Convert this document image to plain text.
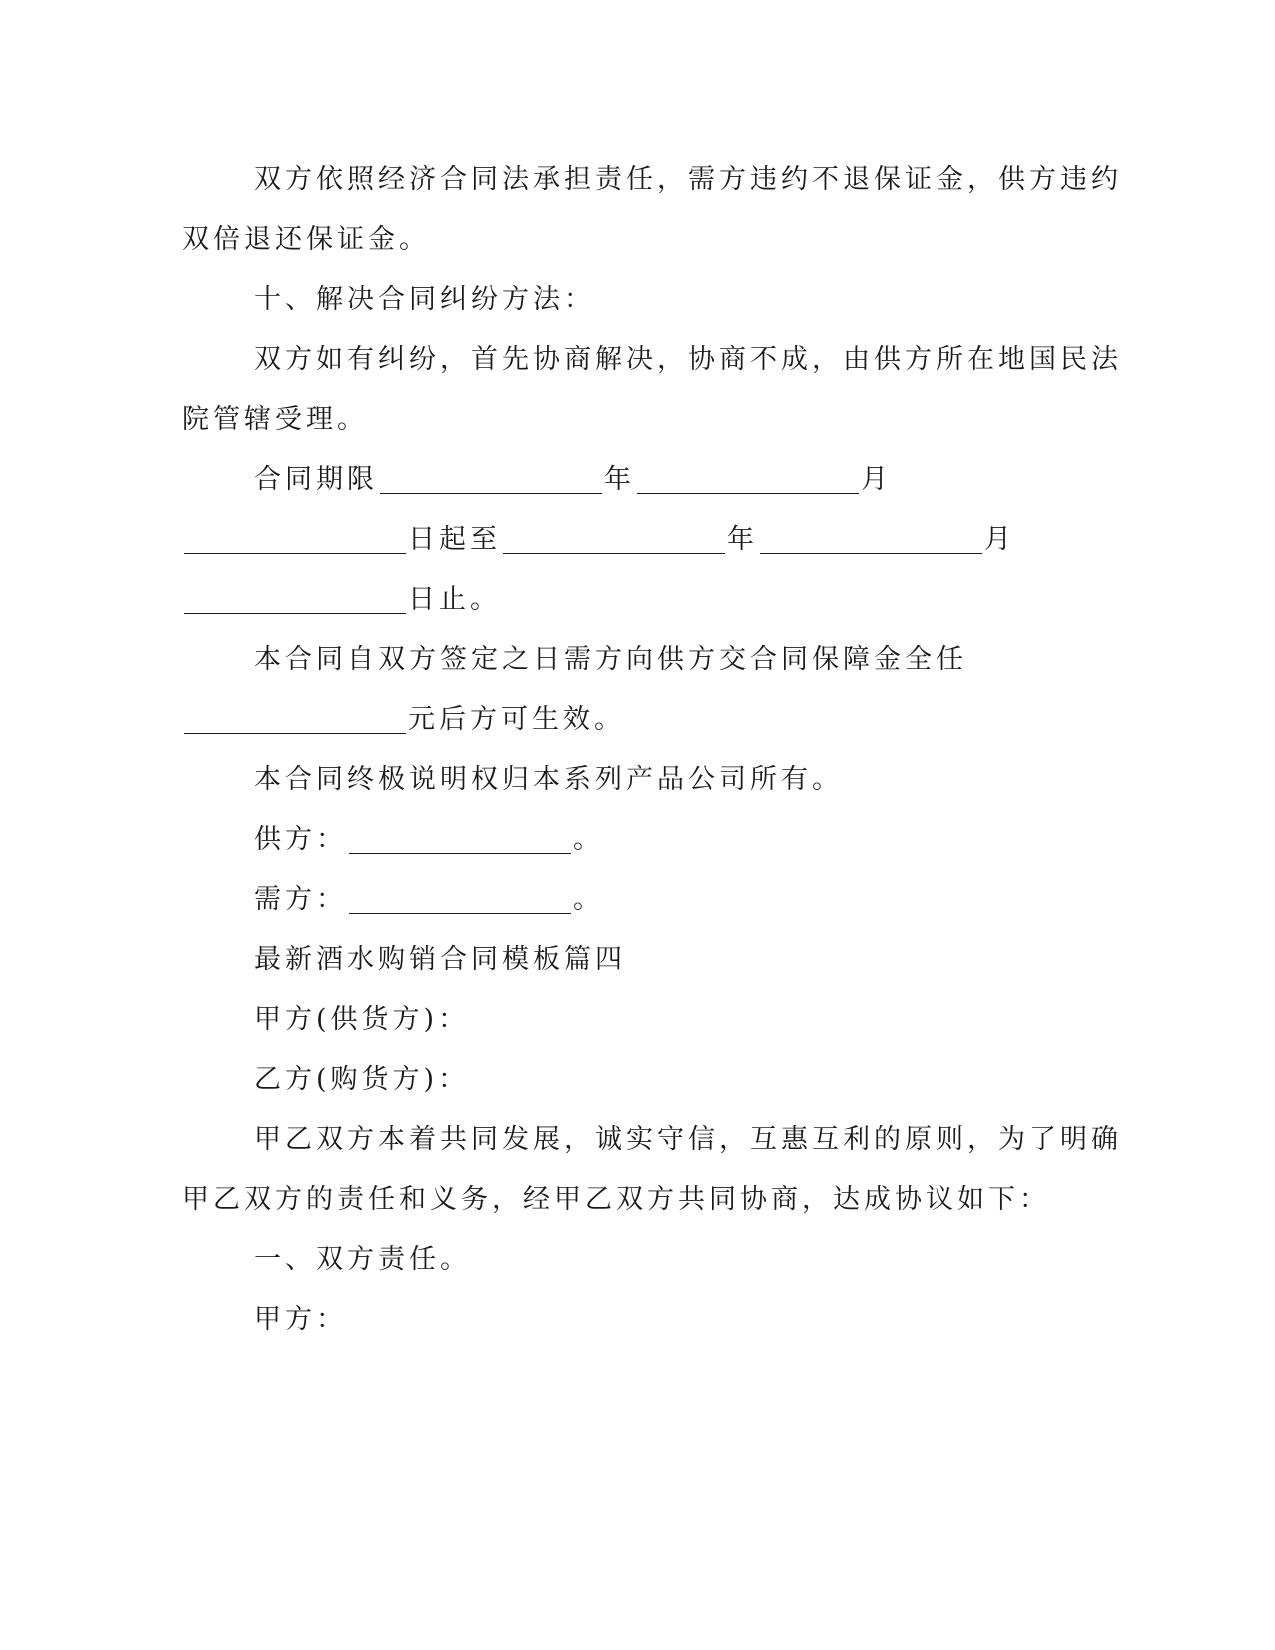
双方依照经济合同法承担责任，需方违约不退保证金，供方违约
双倍退还保证金。
十、解决合同纠纷方法：
双方如有纠纷，首先协商解决，协商不成，由供方所在地国民法
院管辖受理。
合同期限	年	月
日起至	年	月
日止。
本合同自双方签定之日需方向供方交合同保障金全任
元后方可生效。
本合同终极说明权归本系列产品公司所有。
供方：	。
需方：	。
最新酒水购销合同模板篇四
甲方(供货方)：
乙方(购货方)：
甲乙双方本着共同发展，诚实守信，互惠互利的原则，为了明确
甲乙双方的责任和义务，经甲乙双方共同协商，达成协议如下：
一、双方责任。
甲方：
